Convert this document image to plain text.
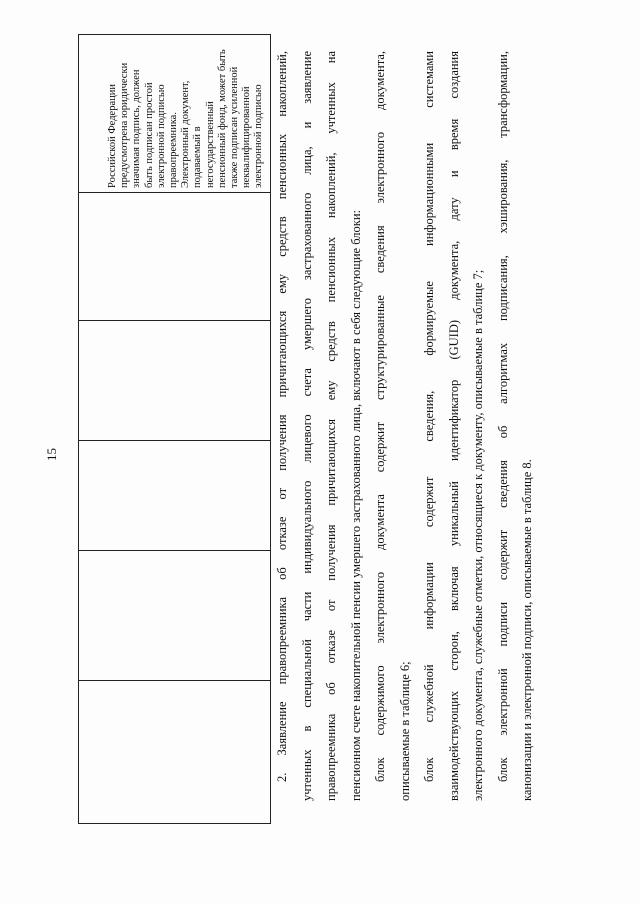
15
Российской Федерации предусмотрена юридически значимая подпись, должен быть подписан простой электронной подписью правопреемника. Электронный документ, подаваемый в негосударственный пенсионный фонд, может быть также подписан усиленной неквалифицированной электронной подписью 2. Заявление правопреемника об отказе от получения причитающихся ему средств пенсионных накоплений, учтенных в специальной части индивидуального лицевого счета умершего застрахованного лица, и заявление правопреемника об отказе от получения причитающихся ему средств пенсионных накоплений, учтенных на пенсионном счете накопительной пенсии умершего застрахованного лица, включают в себя следующие блоки: блок содержимого электронного документа содержит структурированные сведения электронного документа, описываемые в таблице 6; блок служебной информации содержит сведения, формируемые информационными системами взаимодействующих сторон, включая уникальный идентификатор (GUID) документа, дату и время создания электронного документа, служебные отметки, относящиеся к документу, описываемые в таблице 7; блок электронной подписи содержит сведения об алгоритмах подписания, хэширования, трансформации, канонизации и электронной подписи, описываемые в таблице 8.
